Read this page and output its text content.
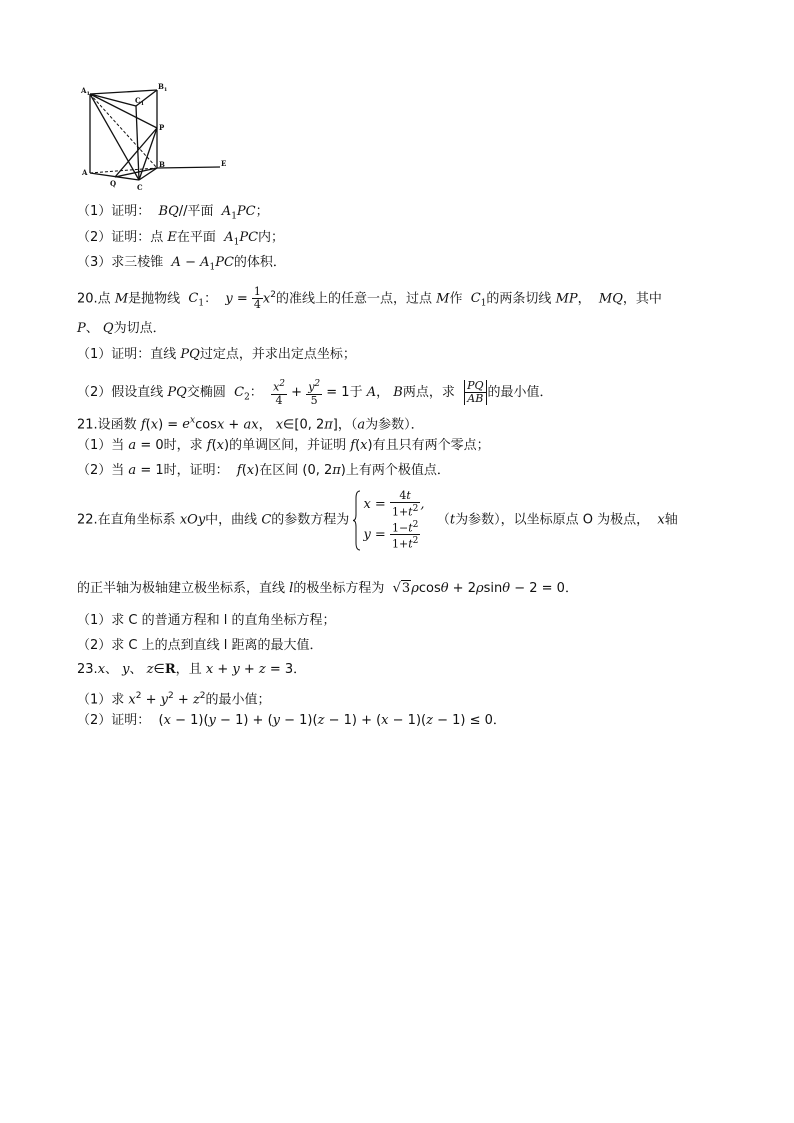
$A_1$
$B_1$
$C_1$
P
A
Q	C
B	E
（1）证明： BQ//平面 $A_1PC$；
（2）证明：点 E在平面 $A_1PC$内；
（3）求三棱锥 $A - A_1PC$的体积．
20.点 M是抛物线 $C_1$：  $y = \frac{1}{4} x^2$的准线上的任意一点，过点 M作 $C_1$的两条切线 MP，  MQ，其中
P、 Q为切点．
（1）证明：直线 PQ过定点，并求出定点坐标；
（2）假设直线 PQ交椭圆 $C_2$： $\frac{x^2}{4} + \frac{y^2}{5} = 1$于 A， B两点，求 $\frac{PQ}{AB}$ 的最小值．
21.设函数 $f(x) = e^x\cos x$ + ax， x∈[0, 2π]，（a为参数）．
（1）当 a = 0时，求 f(x)的单调区间，并证明 f(x)有且只有两个零点；
（2）当 a = 1时，证明： f(x)在区间 (0, 2π)上有两个极值点．
22.在直角坐标系 xOy中，曲线 C的参数方程为
$x = \frac{4t}{1+t^2}$ ,
$y = \frac{1-t^2}{1+t^2} (t$为参数），以坐标原点 O 为极点， x轴
的正半轴为极轴建立极坐标系，直线 l的极坐标方程为 √3ρcosθ + 2ρsinθ − 2 = 0．
（1）求 C 的普通方程和 l 的直角坐标方程；
（2）求 C 上的点到直线 l 距离的最大值．
23.x、 y、 z∈R，且 x + y + z = 3．
（1）求 $x^2 + y^2 + z^2$的最小值；
（2）证明：  (x − 1)(y − 1) + (y − 1)(z − 1) + (x − 1)(z − 1) ≤ 0．
